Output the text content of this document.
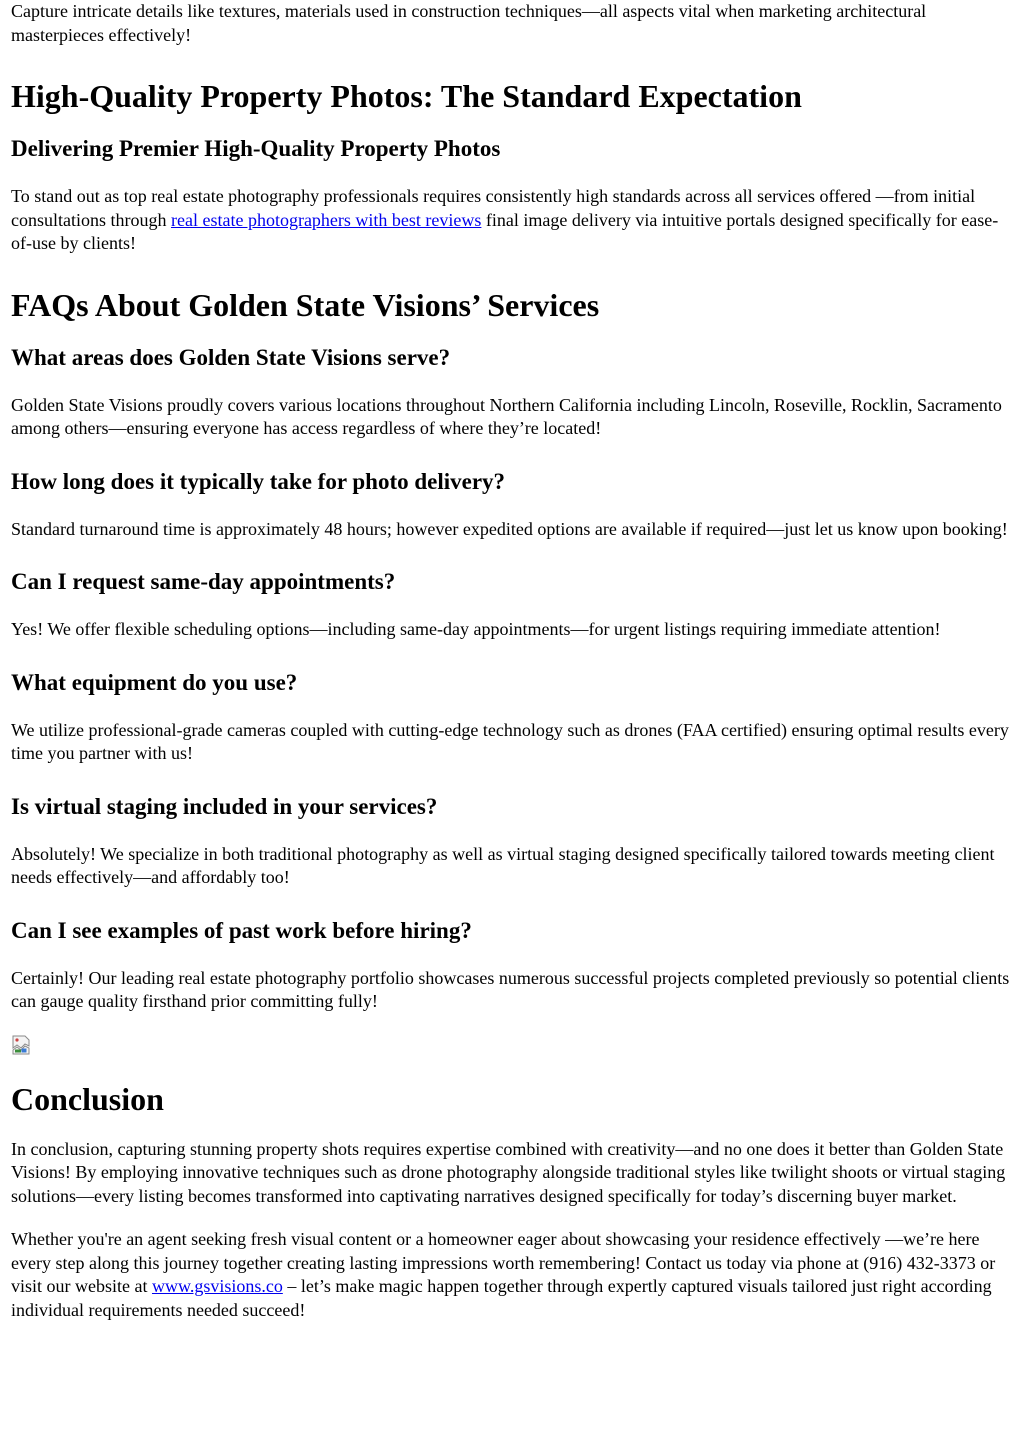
Capture intricate details like textures, materials used in construction techniques—all aspects vital when marketing architectural masterpieces effectively!

High-Quality Property Photos: The Standard Expectation
Delivering Premier High-Quality Property Photos

To stand out as top real estate photography professionals requires consistently high standards across all services offered —from initial consultations through real estate photographers with best reviews final image delivery via intuitive portals designed specifically for ease-of-use by clients!

FAQs About Golden State Visions’ Services
What areas does Golden State Visions serve?

Golden State Visions proudly covers various locations throughout Northern California including Lincoln, Roseville, Rocklin, Sacramento among others—ensuring everyone has access regardless of where they’re located!

How long does it typically take for photo delivery?

Standard turnaround time is approximately 48 hours; however expedited options are available if required—just let us know upon booking!

Can I request same-day appointments?

Yes! We offer flexible scheduling options—including same-day appointments—for urgent listings requiring immediate attention!

What equipment do you use?

We utilize professional-grade cameras coupled with cutting-edge technology such as drones (FAA certified) ensuring optimal results every time you partner with us!

Is virtual staging included in your services?

Absolutely! We specialize in both traditional photography as well as virtual staging designed specifically tailored towards meeting client needs effectively—and affordably too!

Can I see examples of past work before hiring?

Certainly! Our leading real estate photography portfolio showcases numerous successful projects completed previously so potential clients can gauge quality firsthand prior committing fully!

Conclusion

In conclusion, capturing stunning property shots requires expertise combined with creativity—and no one does it better than Golden State Visions! By employing innovative techniques such as drone photography alongside traditional styles like twilight shoots or virtual staging solutions—every listing becomes transformed into captivating narratives designed specifically for today’s discerning buyer market.

Whether you're an agent seeking fresh visual content or a homeowner eager about showcasing your residence effectively —we’re here every step along this journey together creating lasting impressions worth remembering! Contact us today via phone at (916) 432-3373 or visit our website at www.gsvisions.co – let’s make magic happen together through expertly captured visuals tailored just right according individual requirements needed succeed!
